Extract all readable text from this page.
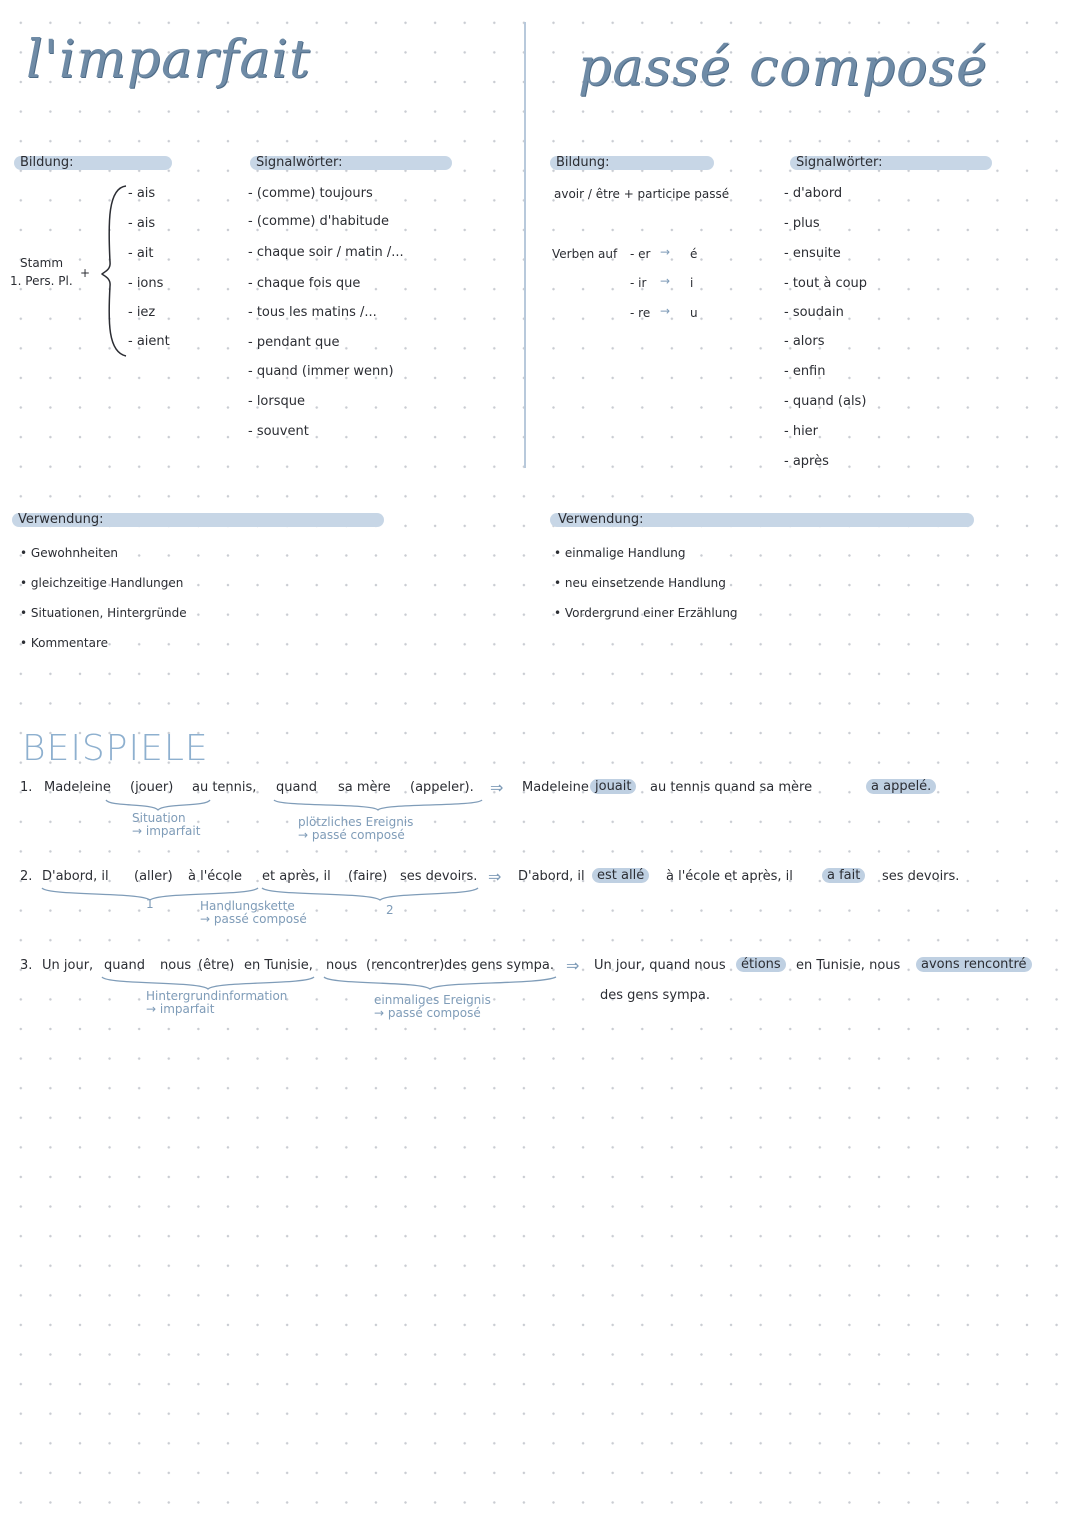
l'imparfait	passé composé
Bildung:
Stamm
1. Pers. Pl.
+
- ais
- ais
- ait
- ions
- iez
- aient
Signalwörter:
- (comme) toujours
- (comme) d'habitude
- chaque soir / matin /...
- chaque fois que
- tous les matins /...
- pendant que
- quand (immer wenn)
- lorsque
- souvent
Bildung:
avoir / être + participe passé
Verben auf - er → é
- ir → i
- re → u
Signalwörter:
- d'abord
- plus
- ensuite
- tout à coup
- soudain
- alors
- enfin
- quand (als)
- hier
- après
Verwendung:
• Gewohnheiten
• gleichzeitige Handlungen
• Situationen, Hintergründe
• Kommentare
Verwendung:
• einmalige Handlung
• neu einsetzende Handlung
• Vordergrund einer Erzählung
BEISPIELE
1. Madeleine (jouer) au tennis, quand sa mère (appeler). ⇒ Madeleine jouait	au tennis quand sa mère	a appelé.
Situation
→ imparfait
plötzliches Ereignis
→ passé composé
2. D'abord, il (aller) à l'école et après, il (faire) ses devoirs. ⇒ D'abord, il est allé	à l'école et après, il	a fait	ses devoirs.
1	2
Handlungskette
→ passé composé
3. Un jour, quand nous (être) en Tunisie, nous (rencontrer) des gens sympa. ⇒ Un jour, quand nous	étions	en Tunisie, nous	avons rencontré
des gens sympa.
Hintergrundinformation
→ imparfait
einmaliges Ereignis
→ passé composé
